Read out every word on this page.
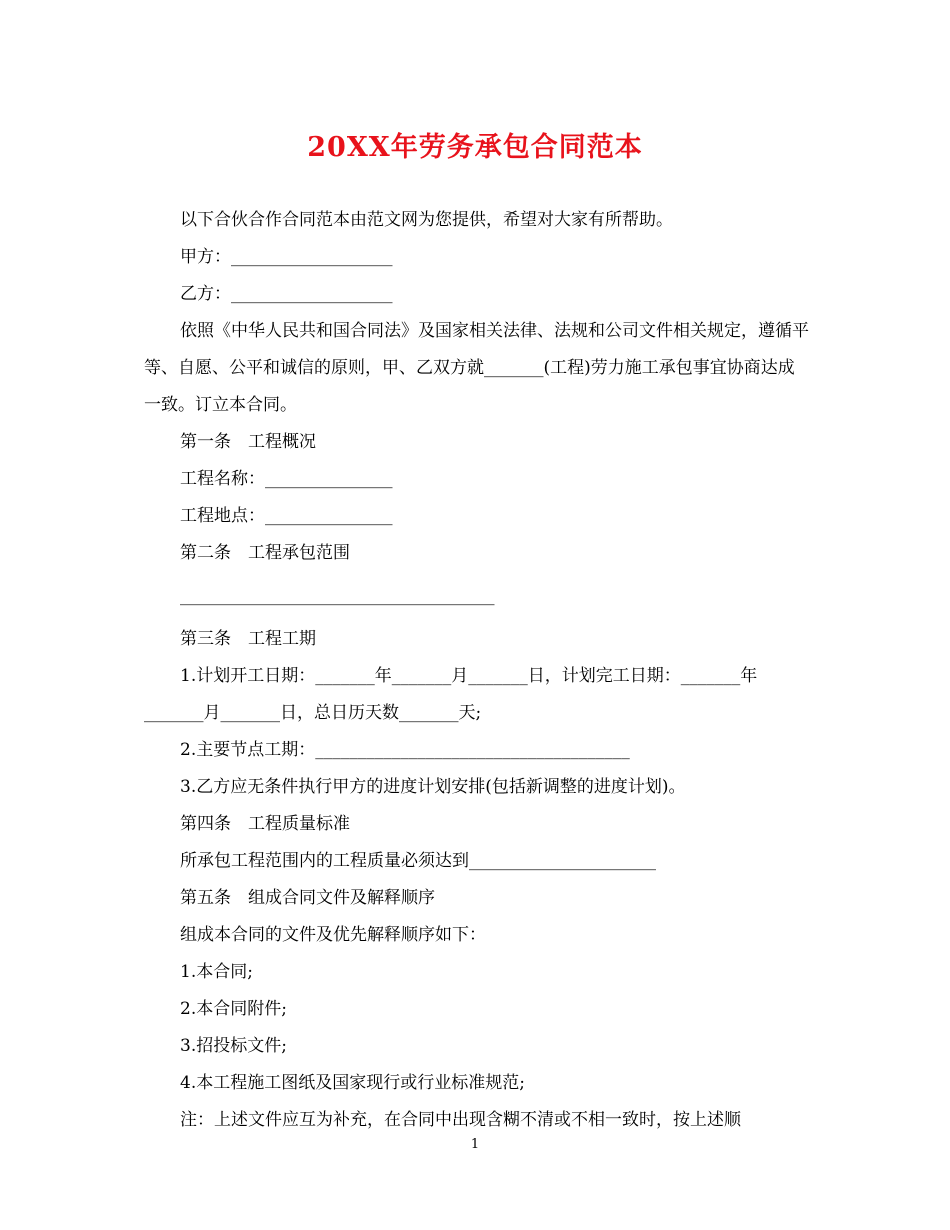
20XX年劳务承包合同范本

以下合伙合作合同范本由范文网为您提供，希望对大家有所帮助。

甲方：___________________

乙方：___________________

依照《中华人民共和国合同法》及国家相关法律、法规和公司文件相关规定，遵循平等、自愿、公平和诚信的原则，甲、乙双方就_______(工程)劳力施工承包事宜协商达成一致。订立本合同。

第一条　工程概况

工程名称：_______________

工程地点：_______________

第二条　工程承包范围

_____________________________________

第三条　工程工期

1.计划开工日期：_______年_______月_______日，计划完工日期：_______年_______月_______日，总日历天数_______天;

2.主要节点工期：_____________________________________

3.乙方应无条件执行甲方的进度计划安排(包括新调整的进度计划)。

第四条　工程质量标准

所承包工程范围内的工程质量必须达到______________________

第五条　组成合同文件及解释顺序

组成本合同的文件及优先解释顺序如下：

1.本合同;

2.本合同附件;

3.招投标文件;

4.本工程施工图纸及国家现行或行业标准规范;

注：上述文件应互为补充，在合同中出现含糊不清或不相一致时，按上述顺

1
